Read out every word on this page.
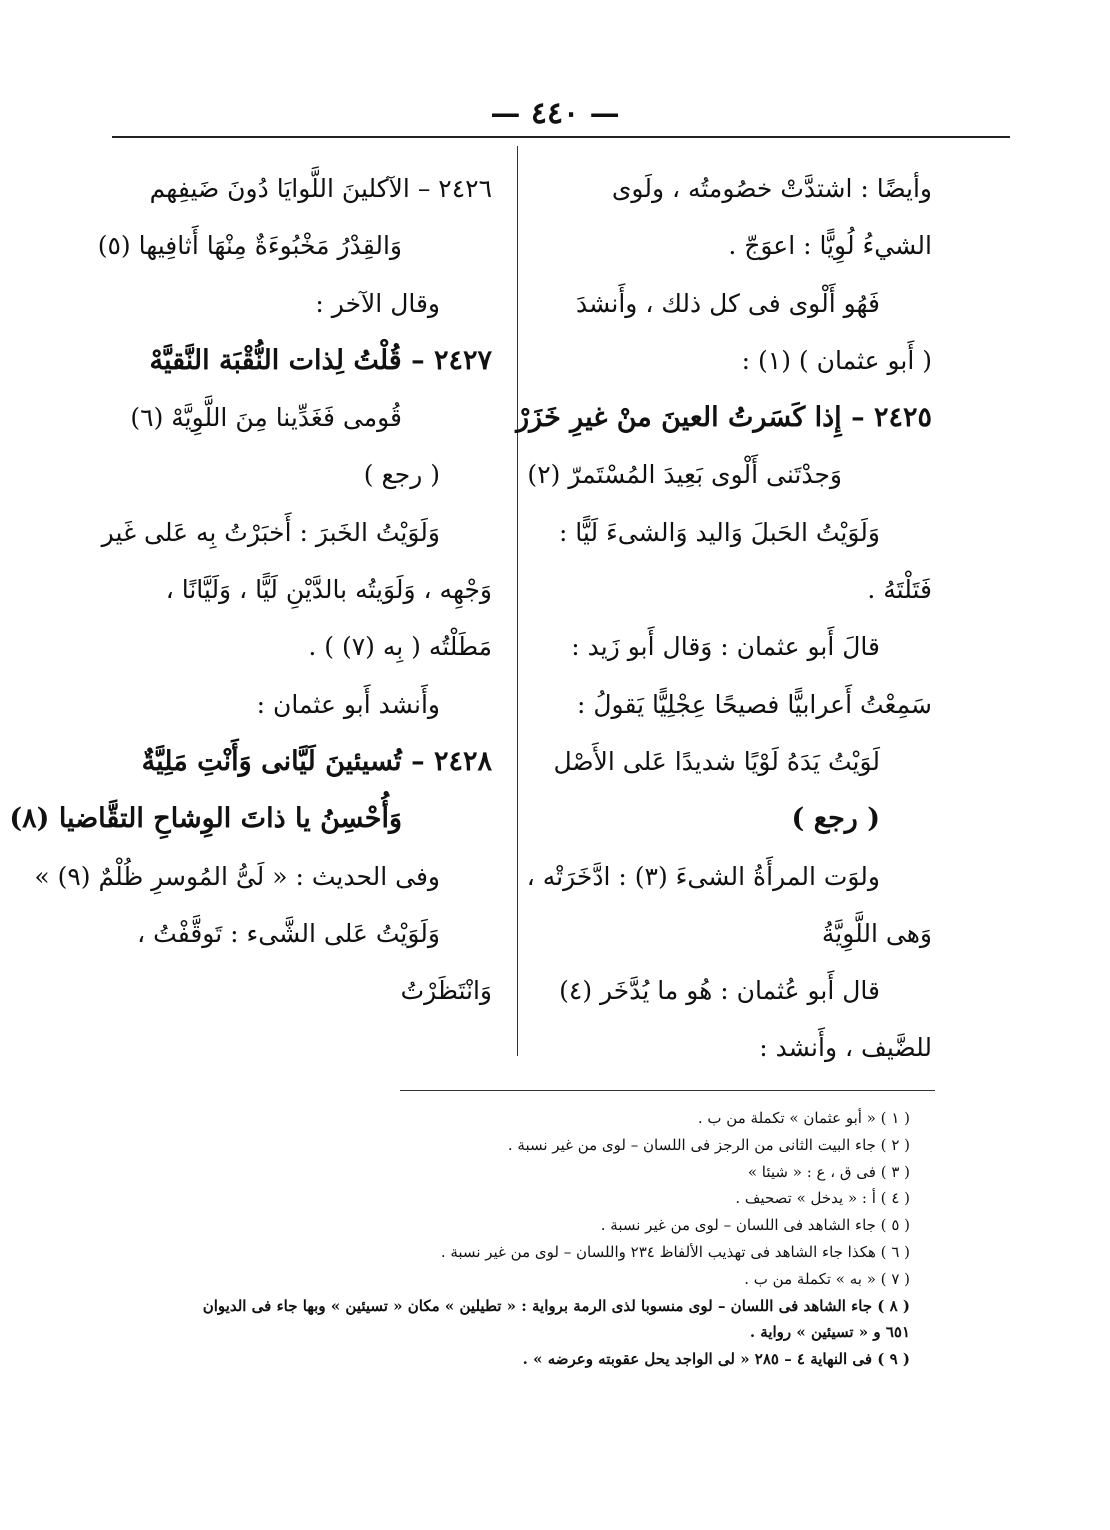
— ٤٤٠ —
وأيضًا : اشتدَّتْ خصُومتُه ، ولَوى
الشيءُ لُوِيًّا : اعوَجّ .
فَهُو أَلْوى فى كل ذلك ، وأَنشدَ
( أَبو عثمان ) (١) :
٢٤٢٥ – إِذا كَسَرتُ العينَ منْ غيرِ خَزَرْ
وَجدْتَنى أَلْوى بَعِيدَ المُسْتَمرّ (٢)
وَلَوَيْتُ الحَبلَ وَاليد وَالشىءَ لَيًّا :
فَتَلْتَهُ .
قالَ أَبو عثمان : وَقال أَبو زَيد :
سَمِعْتُ أَعرابيًّا فصيحًا عِجْلِيًّا يَقولُ :
لَوَيْتُ يَدَهُ لَوْيًا شديدًا عَلى الأَصْل
( رجع )
ولوَت المرأَةُ الشىءَ (٣) : ادَّخَرَتْه ،
وَهى اللَّوِيَّةُ
قال أَبو عُثمان : هُو ما يُدَّخَر (٤)
للضَّيف ، وأَنشد :
٢٤٢٦ – الآكلينَ اللَّوايَا دُونَ ضَيفِهم
وَالقِدْرُ مَخْبُوءَةٌ مِنْهَا أَثافِيها (٥)
وقال الآخر :
٢٤٢٧ – قُلْتُ لِذات النُّقْبَة النَّقيَّهْ
قُومى فَغَدِّينا مِنَ اللَّوِيَّهْ (٦)
( رجع )
وَلَوَيْتُ الخَبرَ : أَخبَرْتُ بِه عَلى غَير
وَجْهِه ، وَلَوَيتُه بالدَّيْنِ لَيًّا ، وَلَيَّانًا ،
مَطَلْتُه ( بِه (٧) ) .
وأَنشد أَبو عثمان :
٢٤٢٨ – تُسيئينَ لَيَّانى وَأَنْتِ مَلِيَّةٌ
وَأُحْسِنُ يا ذاتَ الوِشاحِ التقَّاضيا (٨)
وفى الحديث : « لَىُّ المُوسرِ ظُلْمٌ (٩) »
وَلَوَيْتُ عَلى الشَّىء : تَوقَّفْتُ ،
وَانْتَظَرْتُ
( ١ ) « أبو عثمان » تكملة من ب .
( ٢ ) جاء البيت الثانى من الرجز فى اللسان – لوى من غير نسبة .
( ٣ ) فى ق ، ع : « شيئا »
( ٤ ) أ : « يدخل » تصحيف .
( ٥ ) جاء الشاهد فى اللسان – لوى من غير نسبة .
( ٦ ) هكذا جاء الشاهد فى تهذيب الألفاظ ٢٣٤ واللسان – لوى من غير نسبة .
( ٧ ) « به » تكملة من ب .
( ٨ ) جاء الشاهد فى اللسان – لوى منسوبا لذى الرمة برواية : « تطيلين » مكان « تسيئين » وبها جاء فى الديوان
٦٥١ و « تسيئين » رواية .
( ٩ ) فى النهاية ٤ – ٢٨٥ « لى الواجد يحل عقوبته وعرضه » .
